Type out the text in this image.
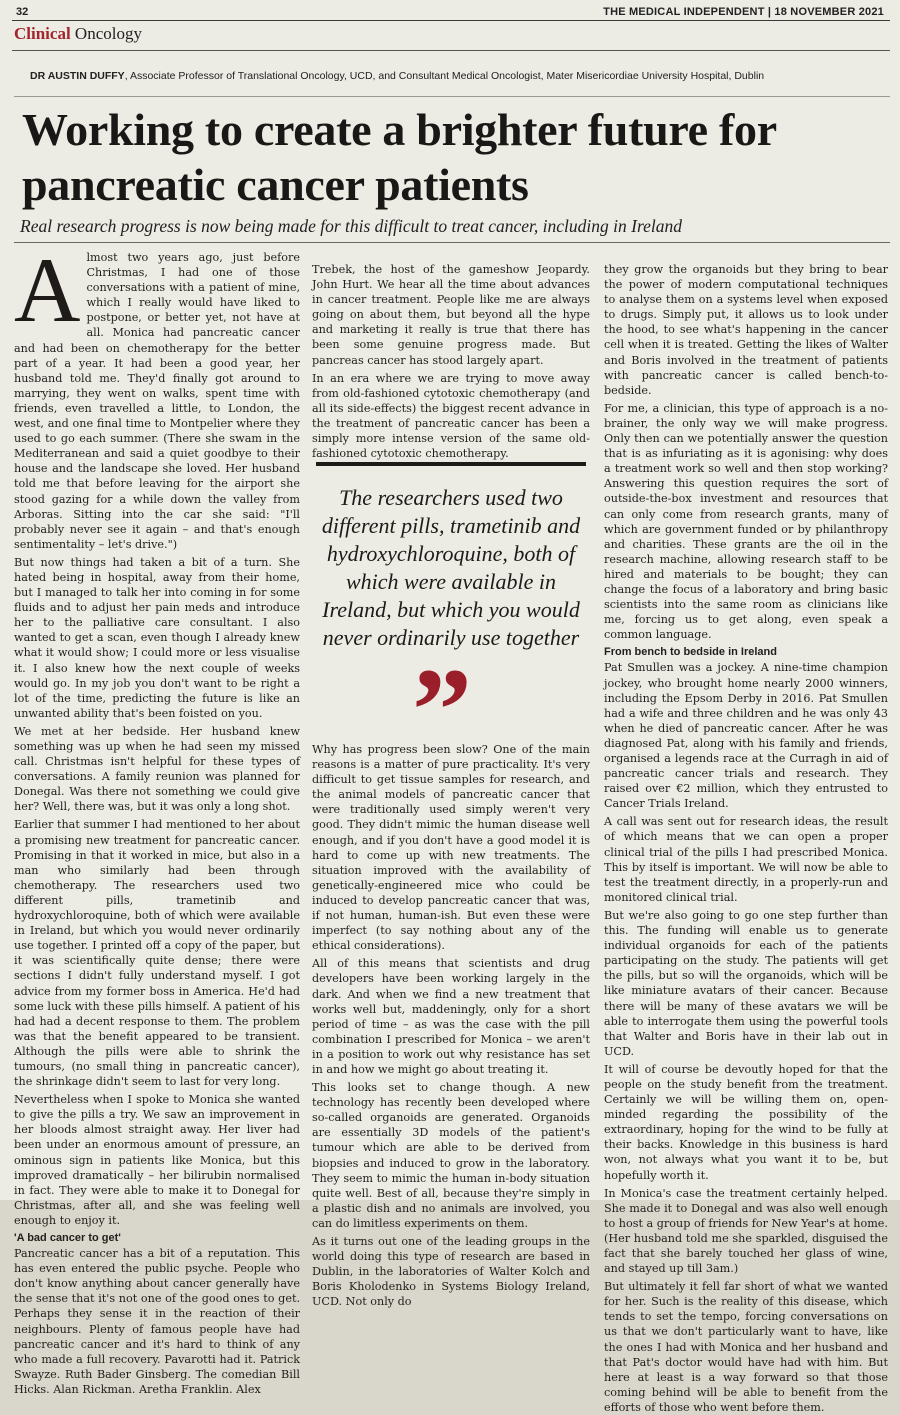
32	THE MEDICAL INDEPENDENT | 18 NOVEMBER 2021
Clinical Oncology
DR AUSTIN DUFFY, Associate Professor of Translational Oncology, UCD, and Consultant Medical Oncologist, Mater Misericordiae University Hospital, Dublin
Working to create a brighter future for pancreatic cancer patients
Real research progress is now being made for this difficult to treat cancer, including in Ireland

Almost two years ago, just before Christmas, I had one of those conversations with a patient of mine, which I really would have liked to postpone, or better yet, not have at all. Monica had pancreatic cancer and had been on chemotherapy for the better part of a year. It had been a good year, her husband told me. They'd finally got around to marrying, they went on walks, spent time with friends, even travelled a little, to London, the west, and one final time to Montpelier where they used to go each summer. (There she swam in the Mediterranean and said a quiet goodbye to their house and the landscape she loved. Her husband told me that before leaving for the airport she stood gazing for a while down the valley from Arboras. Sitting into the car she said: "I'll probably never see it again – and that's enough sentimentality – let's drive.")

But now things had taken a bit of a turn. She hated being in hospital, away from their home, but I managed to talk her into coming in for some fluids and to adjust her pain meds and introduce her to the palliative care consultant. I also wanted to get a scan, even though I already knew what it would show; I could more or less visualise it. I also knew how the next couple of weeks would go. In my job you don't want to be right a lot of the time, predicting the future is like an unwanted ability that's been foisted on you.

We met at her bedside. Her husband knew something was up when he had seen my missed call. Christmas isn't helpful for these types of conversations. A family reunion was planned for Donegal. Was there not something we could give her? Well, there was, but it was only a long shot.

Earlier that summer I had mentioned to her about a promising new treatment for pancreatic cancer. Promising in that it worked in mice, but also in a man who similarly had been through chemotherapy. The researchers used two different pills, trametinib and hydroxychloroquine, both of which were available in Ireland, but which you would never ordinarily use together. I printed off a copy of the paper, but it was scientifically quite dense; there were sections I didn't fully understand myself. I got advice from my former boss in America. He'd had some luck with these pills himself. A patient of his had had a decent response to them. The problem was that the benefit appeared to be transient. Although the pills were able to shrink the tumours, (no small thing in pancreatic cancer), the shrinkage didn't seem to last for very long.

Nevertheless when I spoke to Monica she wanted to give the pills a try. We saw an improvement in her bloods almost straight away. Her liver had been under an enormous amount of pressure, an ominous sign in patients like Monica, but this improved dramatically – her bilirubin normalised in fact. They were able to make it to Donegal for Christmas, after all, and she was feeling well enough to enjoy it.

'A bad cancer to get'

Pancreatic cancer has a bit of a reputation. This has even entered the public psyche. People who don't know anything about cancer generally have the sense that it's not one of the good ones to get. Perhaps they sense it in the reaction of their neighbours. Plenty of famous people have had pancreatic cancer and it's hard to think of any who made a full recovery. Pavarotti had it. Patrick Swayze. Ruth Bader Ginsberg. The comedian Bill Hicks. Alan Rickman. Aretha Franklin. Alex

Trebek, the host of the gameshow Jeopardy. John Hurt. We hear all the time about advances in cancer treatment. People like me are always going on about them, but beyond all the hype and marketing it really is true that there has been some genuine progress made. But pancreas cancer has stood largely apart.

In an era where we are trying to move away from old-fashioned cytotoxic chemotherapy (and all its side-effects) the biggest recent advance in the treatment of pancreatic cancer has been a simply more intense version of the same old-fashioned cytotoxic chemotherapy.

The researchers used two different pills, trametinib and hydroxychloroquine, both of which were available in Ireland, but which you would never ordinarily use together
”

Why has progress been slow? One of the main reasons is a matter of pure practicality. It's very difficult to get tissue samples for research, and the animal models of pancreatic cancer that were traditionally used simply weren't very good. They didn't mimic the human disease well enough, and if you don't have a good model it is hard to come up with new treatments. The situation improved with the availability of genetically-engineered mice who could be induced to develop pancreatic cancer that was, if not human, human-ish. But even these were imperfect (to say nothing about any of the ethical considerations).

All of this means that scientists and drug developers have been working largely in the dark. And when we find a new treatment that works well but, maddeningly, only for a short period of time – as was the case with the pill combination I prescribed for Monica – we aren't in a position to work out why resistance has set in and how we might go about treating it.

This looks set to change though. A new technology has recently been developed where so-called organoids are generated. Organoids are essentially 3D models of the patient's tumour which are able to be derived from biopsies and induced to grow in the laboratory. They seem to mimic the human in-body situation quite well. Best of all, because they're simply in a plastic dish and no animals are involved, you can do limitless experiments on them.

As it turns out one of the leading groups in the world doing this type of research are based in Dublin, in the laboratories of Walter Kolch and Boris Kholodenko in Systems Biology Ireland, UCD. Not only do

they grow the organoids but they bring to bear the power of modern computational techniques to analyse them on a systems level when exposed to drugs. Simply put, it allows us to look under the hood, to see what's happening in the cancer cell when it is treated. Getting the likes of Walter and Boris involved in the treatment of patients with pancreatic cancer is called bench-to-bedside.

For me, a clinician, this type of approach is a no-brainer, the only way we will make progress. Only then can we potentially answer the question that is as infuriating as it is agonising: why does a treatment work so well and then stop working? Answering this question requires the sort of outside-the-box investment and resources that can only come from research grants, many of which are government funded or by philanthropy and charities. These grants are the oil in the research machine, allowing research staff to be hired and materials to be bought; they can change the focus of a laboratory and bring basic scientists into the same room as clinicians like me, forcing us to get along, even speak a common language.

From bench to bedside in Ireland

Pat Smullen was a jockey. A nine-time champion jockey, who brought home nearly 2000 winners, including the Epsom Derby in 2016. Pat Smullen had a wife and three children and he was only 43 when he died of pancreatic cancer. After he was diagnosed Pat, along with his family and friends, organised a legends race at the Curragh in aid of pancreatic cancer trials and research. They raised over €2 million, which they entrusted to Cancer Trials Ireland.

A call was sent out for research ideas, the result of which means that we can open a proper clinical trial of the pills I had prescribed Monica. This by itself is important. We will now be able to test the treatment directly, in a properly-run and monitored clinical trial.

But we're also going to go one step further than this. The funding will enable us to generate individual organoids for each of the patients participating on the study. The patients will get the pills, but so will the organoids, which will be like miniature avatars of their cancer. Because there will be many of these avatars we will be able to interrogate them using the powerful tools that Walter and Boris have in their lab out in UCD.

It will of course be devoutly hoped for that the people on the study benefit from the treatment. Certainly we will be willing them on, open-minded regarding the possibility of the extraordinary, hoping for the wind to be fully at their backs. Knowledge in this business is hard won, not always what you want it to be, but hopefully worth it.

In Monica's case the treatment certainly helped. She made it to Donegal and was also well enough to host a group of friends for New Year's at home. (Her husband told me she sparkled, disguised the fact that she barely touched her glass of wine, and stayed up till 3am.)

But ultimately it fell far short of what we wanted for her. Such is the reality of this disease, which tends to set the tempo, forcing conversations on us that we don't particularly want to have, like the ones I had with Monica and her husband and that Pat's doctor would have had with him. But here at least is a way forward so that those coming behind will be able to benefit from the efforts of those who went before them.
